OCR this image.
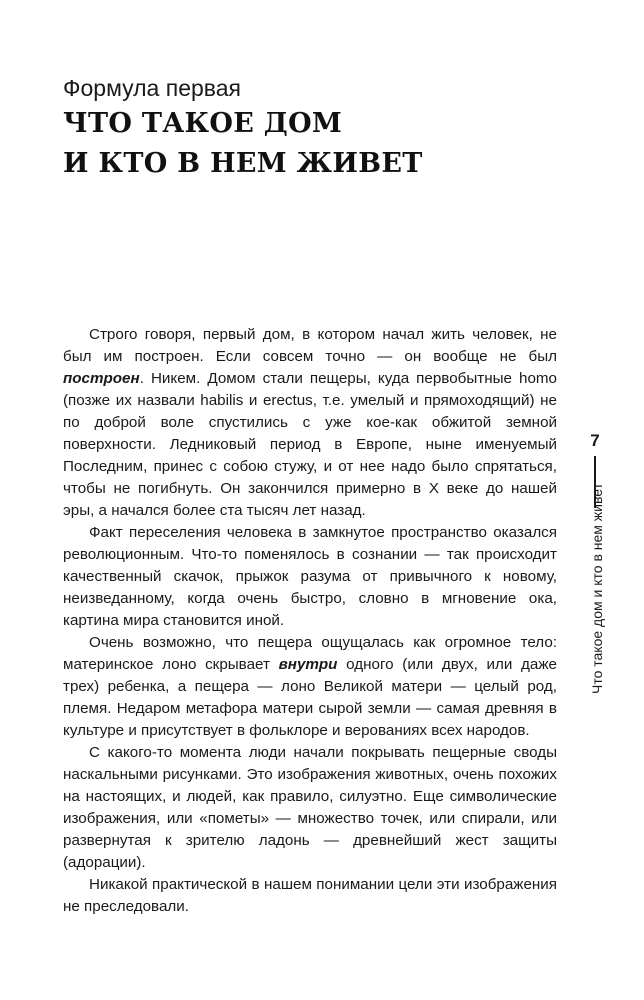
Формула первая
ЧТО ТАКОЕ ДОМ
И КТО В НЕМ ЖИВЕТ

Строго говоря, первый дом, в котором начал жить человек, не был им построен. Если совсем точно — он вообще не был построен. Никем. Домом стали пещеры, куда первобытные homo (позже их назвали habilis и erectus, т.е. умелый и прямоходящий) не по доброй воле спустились с уже кое-как обжитой земной поверхности. Ледниковый период в Европе, ныне именуемый Последним, принес с собою стужу, и от нее надо было спрятаться, чтобы не погибнуть. Он закончился примерно в X веке до нашей эры, а начался более ста тысяч лет назад.

Факт переселения человека в замкнутое пространство оказался революционным. Что-то поменялось в сознании — так происходит качественный скачок, прыжок разума от привычного к новому, неизведанному, когда очень быстро, словно в мгновение ока, картина мира становится иной.

Очень возможно, что пещера ощущалась как огромное тело: материнское лоно скрывает внутри одного (или двух, или даже трех) ребенка, а пещера — лоно Великой матери — целый род, племя. Недаром метафора матери сырой земли — самая древняя в культуре и присутствует в фольклоре и верованиях всех народов.

С какого-то момента люди начали покрывать пещерные своды наскальными рисунками. Это изображения животных, очень похожих на настоящих, и людей, как правило, силуэтно. Еще символические изображения, или «пометы» — множество точек, или спирали, или развернутая к зрителю ладонь — древнейший жест защиты (адорации).

Никакой практической в нашем понимании цели эти изображения не преследовали.

7
Что такое дом и кто в нем живет
